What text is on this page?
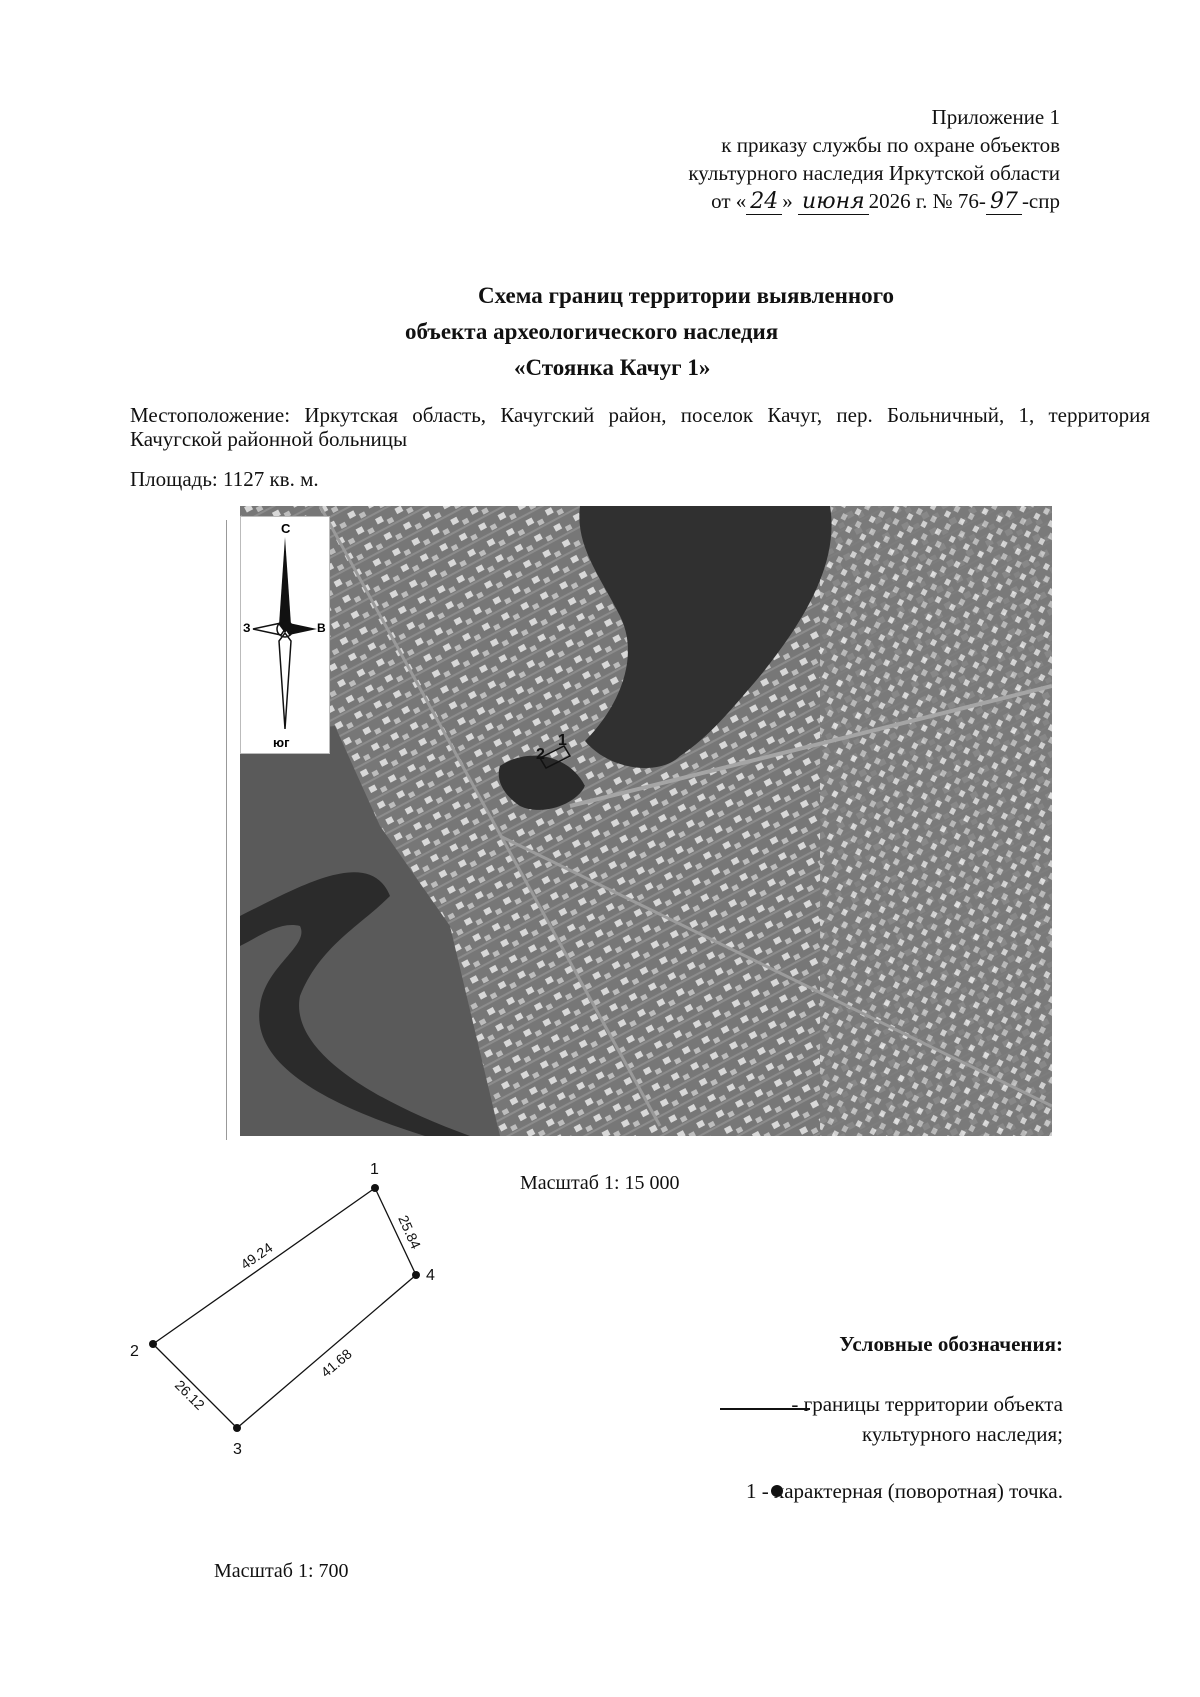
Приложение 1
к приказу службы по охране объектов
культурного наследия Иркутской области
от « 24 » июня 2026 г. № 76- 97 -спр
Схема границ территории выявленного
объекта археологического наследия
«Стоянка Качуг 1»
Местоположение: Иркутская область, Качугский район, поселок Качуг, пер. Больничный, 1, территория Качугской районной больницы
Площадь: 1127 кв. м.
1
2
С
юг
З	В
Масштаб 1: 15 000
1
2
3
4
49.24
25.84
41.68
26.12
Масштаб 1: 700
Условные обозначения:
- границы территории объекта
культурного наследия;
1 - характерная (поворотная) точка.
